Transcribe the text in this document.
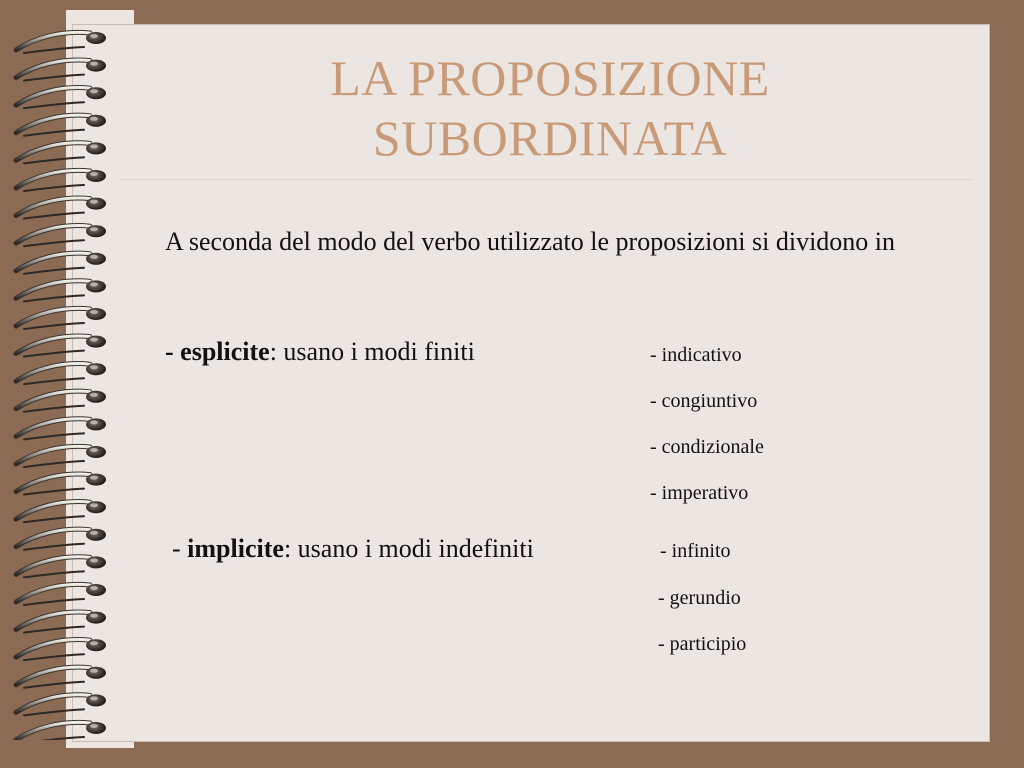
LA PROPOSIZIONE
SUBORDINATA

A seconda del modo del verbo utilizzato le proposizioni si dividono in

- esplicite: usano i modi finiti	- indicativo
- congiuntivo
- condizionale
- imperativo
- implicite: usano i modi indefiniti	- infinito
- gerundio
- participio
